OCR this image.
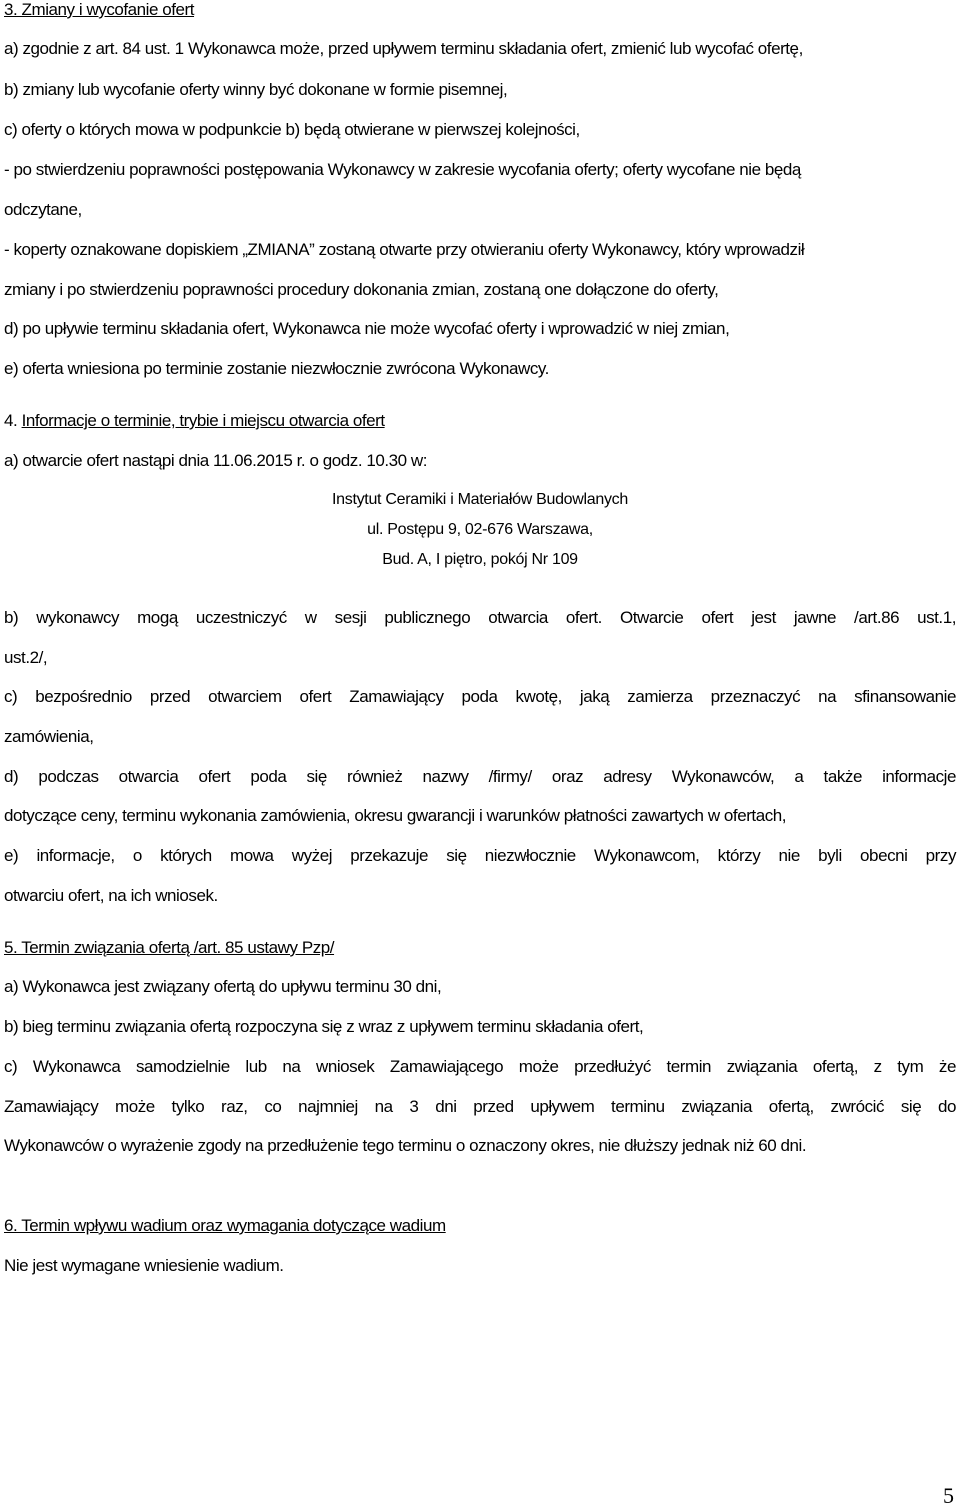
3. Zmiany i wycofanie ofert
a) zgodnie z art. 84 ust. 1 Wykonawca może, przed upływem terminu składania ofert, zmienić lub wycofać ofertę,
b) zmiany lub wycofanie oferty winny być dokonane w formie pisemnej,
c) oferty o których mowa w podpunkcie b) będą otwierane w pierwszej kolejności,
- po stwierdzeniu poprawności postępowania Wykonawcy w zakresie wycofania oferty; oferty wycofane nie będą
odczytane,
- koperty oznakowane dopiskiem „ZMIANA” zostaną otwarte przy otwieraniu oferty Wykonawcy, który wprowadził
zmiany i po stwierdzeniu poprawności procedury dokonania zmian, zostaną one dołączone do oferty,
d) po upływie terminu składania ofert, Wykonawca nie może wycofać oferty i wprowadzić w niej zmian,
e) oferta wniesiona po terminie zostanie niezwłocznie zwrócona Wykonawcy.
4. Informacje o terminie, trybie i miejscu otwarcia ofert
a) otwarcie ofert nastąpi dnia 11.06.2015 r. o godz. 10.30 w:
Instytut Ceramiki i Materiałów Budowlanych
ul. Postępu 9, 02-676 Warszawa,
Bud. A, I piętro, pokój Nr 109
b) wykonawcy mogą uczestniczyć w sesji publicznego otwarcia ofert. Otwarcie ofert jest jawne /art.86 ust.1,
ust.2/,
c) bezpośrednio przed otwarciem ofert Zamawiający poda kwotę, jaką zamierza przeznaczyć na sfinansowanie
zamówienia,
d) podczas otwarcia ofert poda się również nazwy /firmy/ oraz adresy Wykonawców, a także informacje
dotyczące ceny, terminu wykonania zamówienia, okresu gwarancji i warunków płatności zawartych w ofertach,
e) informacje, o których mowa wyżej przekazuje się niezwłocznie Wykonawcom, którzy nie byli obecni przy
otwarciu ofert, na ich wniosek.
5. Termin związania ofertą /art. 85 ustawy Pzp/
a) Wykonawca jest związany ofertą do upływu terminu 30 dni,
b) bieg terminu związania ofertą rozpoczyna się z wraz z upływem terminu składania ofert,
c) Wykonawca samodzielnie lub na wniosek Zamawiającego może przedłużyć termin związania ofertą, z tym że
Zamawiający może tylko raz, co najmniej na 3 dni przed upływem terminu związania ofertą, zwrócić się do
Wykonawców o wyrażenie zgody na przedłużenie tego terminu o oznaczony okres, nie dłuższy jednak niż 60 dni.
6. Termin wpływu wadium oraz wymagania dotyczące wadium
Nie jest wymagane wniesienie wadium.
5
